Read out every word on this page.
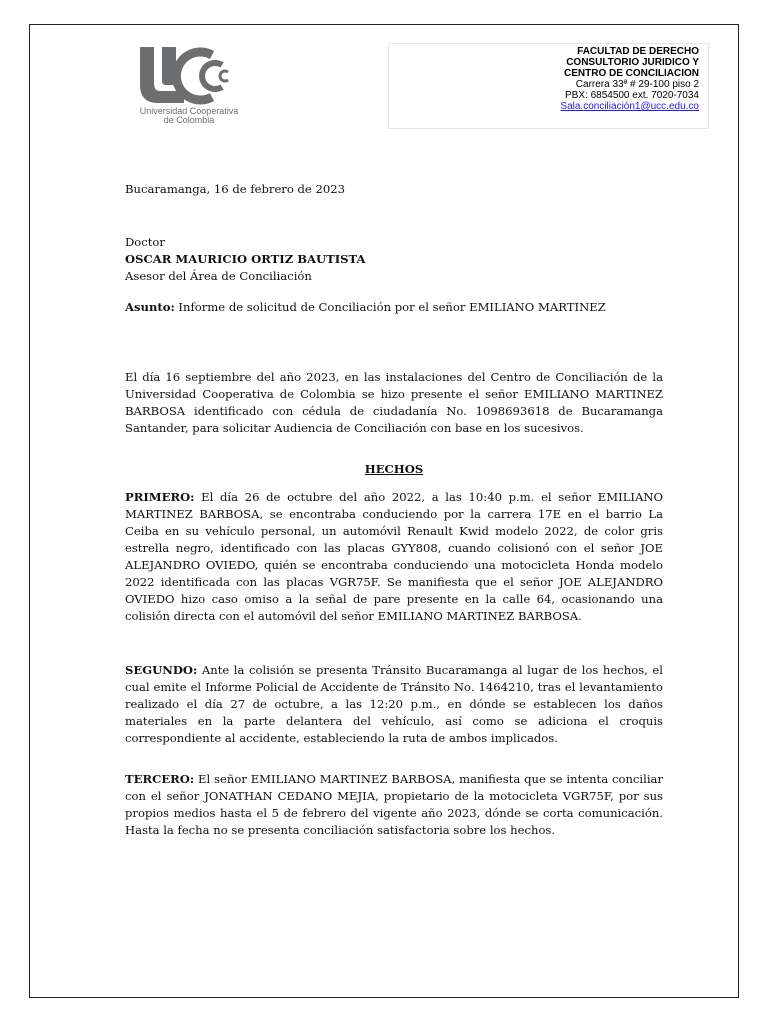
Universidad Cooperativa
de Colombia
FACULTAD DE DERECHO
CONSULTORIO JURIDICO Y
CENTRO DE CONCILIACION
Carrera 33ª # 29-100 piso 2
PBX: 6854500 ext. 7020-7034
Sala.conciliación1@ucc.edu.co
Bucaramanga, 16 de febrero de 2023
Doctor
OSCAR MAURICIO ORTIZ BAUTISTA
Asesor del Área de Conciliación

Asunto: Informe de solicitud de Conciliación por el señor EMILIANO MARTINEZ

El día 16 septiembre del año 2023, en las instalaciones del Centro de Conciliación de la Universidad Cooperativa de Colombia se hizo presente el señor EMILIANO MARTINEZ BARBOSA identificado con cédula de ciudadanía No. 1098693618 de Bucaramanga Santander, para solicitar Audiencia de Conciliación con base en los sucesivos.

HECHOS

PRIMERO: El día 26 de octubre del año 2022, a las 10:40 p.m. el señor EMILIANO MARTINEZ BARBOSA, se encontraba conduciendo por la carrera 17E en el barrio La Ceiba en su vehículo personal, un automóvil Renault Kwid modelo 2022, de color gris estrella negro, identificado con las placas GYY808, cuando colisionó con el señor JOE ALEJANDRO OVIEDO, quién se encontraba conduciendo una motocicleta Honda modelo 2022 identificada con las placas VGR75F. Se manifiesta que el señor JOE ALEJANDRO OVIEDO hizo caso omiso a la señal de pare presente en la calle 64, ocasionando una colisión directa con el automóvil del señor EMILIANO MARTINEZ BARBOSA.

SEGUNDO: Ante la colisión se presenta Tránsito Bucaramanga al lugar de los hechos, el cual emite el Informe Policial de Accidente de Tránsito No. 1464210, tras el levantamiento realizado el día 27 de octubre, a las 12:20 p.m., en dónde se establecen los daños materiales en la parte delantera del vehículo, así como se adiciona el croquis correspondiente al accidente, estableciendo la ruta de ambos implicados.

TERCERO: El señor EMILIANO MARTINEZ BARBOSA, manifiesta que se intenta conciliar con el señor JONATHAN CEDANO MEJIA, propietario de la motocicleta VGR75F, por sus propios medios hasta el 5 de febrero del vigente año 2023, dónde se corta comunicación. Hasta la fecha no se presenta conciliación satisfactoria sobre los hechos.
